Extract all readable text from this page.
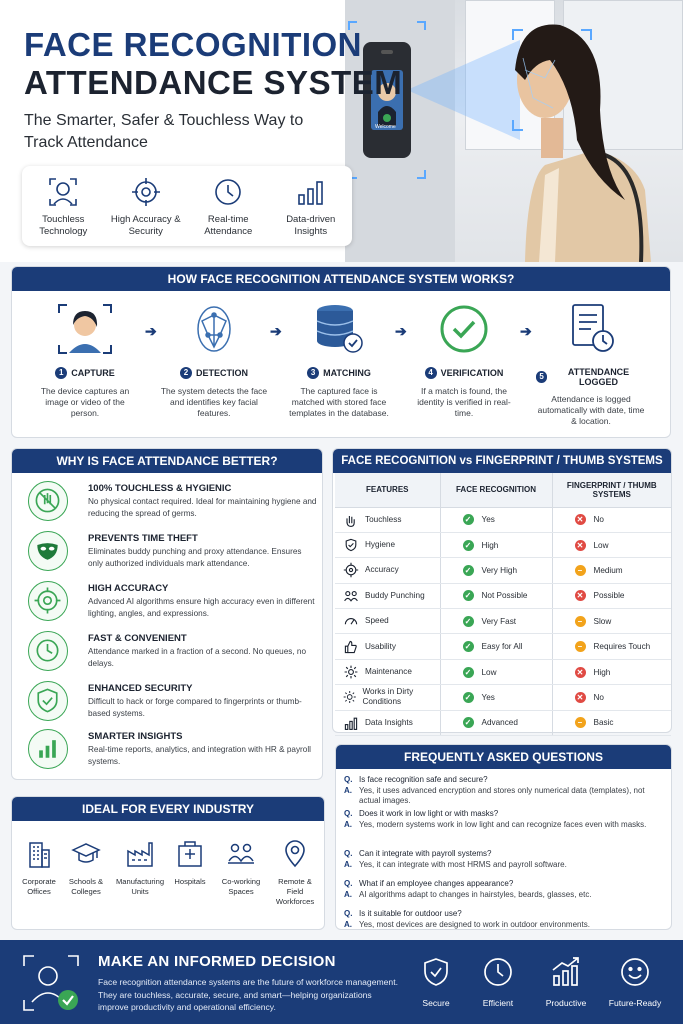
Welcome
FACE RECOGNITION
ATTENDANCE SYSTEM
The Smarter, Safer & Touchless Way to Track Attendance
Touchless Technology
High Accuracy & Security
Real-time Attendance
Data-driven Insights
HOW FACE RECOGNITION ATTENDANCE SYSTEM WORKS?
1 CAPTURE
The device captures an image or video of the person.
➔
2 DETECTION
The system detects the face and identifies key facial features.
➔
3 MATCHING
The captured face is matched with stored face templates in the database.
➔
4 VERIFICATION
If a match is found, the identity is verified in real-time.
➔
5	ATTENDANCE LOGGED
Attendance is logged automatically with date, time & location.
WHY IS FACE ATTENDANCE BETTER?
100% TOUCHLESS & HYGIENIC
No physical contact required. Ideal for maintaining hygiene and reducing the spread of germs.
PREVENTS TIME THEFT
Eliminates buddy punching and proxy attendance. Ensures only authorized individuals mark attendance.
HIGH ACCURACY
Advanced AI algorithms ensure high accuracy even in different lighting, angles, and expressions.
FAST & CONVENIENT
Attendance marked in a fraction of a second. No queues, no delays.
ENHANCED SECURITY
Difficult to hack or forge compared to fingerprints or thumb-based systems.
SMARTER INSIGHTS
Real-time reports, analytics, and integration with HR & payroll systems.
FACE RECOGNITION vs FINGERPRINT / THUMB SYSTEMS
FEATURES	FACE RECOGNITION	FINGERPRINT / THUMB SYSTEMS

Touchless	✓ Yes	✕ No

Hygiene	✓ High	✕ Low

Accuracy	✓ Very High	– Medium

Buddy Punching	✓ Not Possible	✕ Possible

Speed	✓ Very Fast	– Slow

Usability	✓ Easy for All	– Requires Touch

Maintenance	✓ Low	✕ High

Works in Dirty Conditions	✓ Yes	✕ No

Data Insights	✓ Advanced	– Basic
IDEAL FOR EVERY INDUSTRY
Corporate Offices
Schools & Colleges
Manufacturing Units
Hospitals	Co-working Spaces
Remote & Field Workforces
FREQUENTLY ASKED QUESTIONS
Q. Is face recognition safe and secure?
A. Yes, it uses advanced encryption and stores only numerical data (templates), not actual images.
Q. Does it work in low light or with masks?
A. Yes, modern systems work in low light and can recognize faces even with masks.
Q. Can it integrate with payroll systems?
A. Yes, it can integrate with most HRMS and payroll software.
Q. What if an employee changes appearance?
A. AI algorithms adapt to changes in hairstyles, beards, glasses, etc.
Q. Is it suitable for outdoor use?
A. Yes, most devices are designed to work in outdoor environments.
MAKE AN INFORMED DECISION
Face recognition attendance systems are the future of workforce management. They are touchless, accurate, secure, and smart—helping organizations improve productivity and operational efficiency.	Secure	Efficient	Productive	Future-Ready
